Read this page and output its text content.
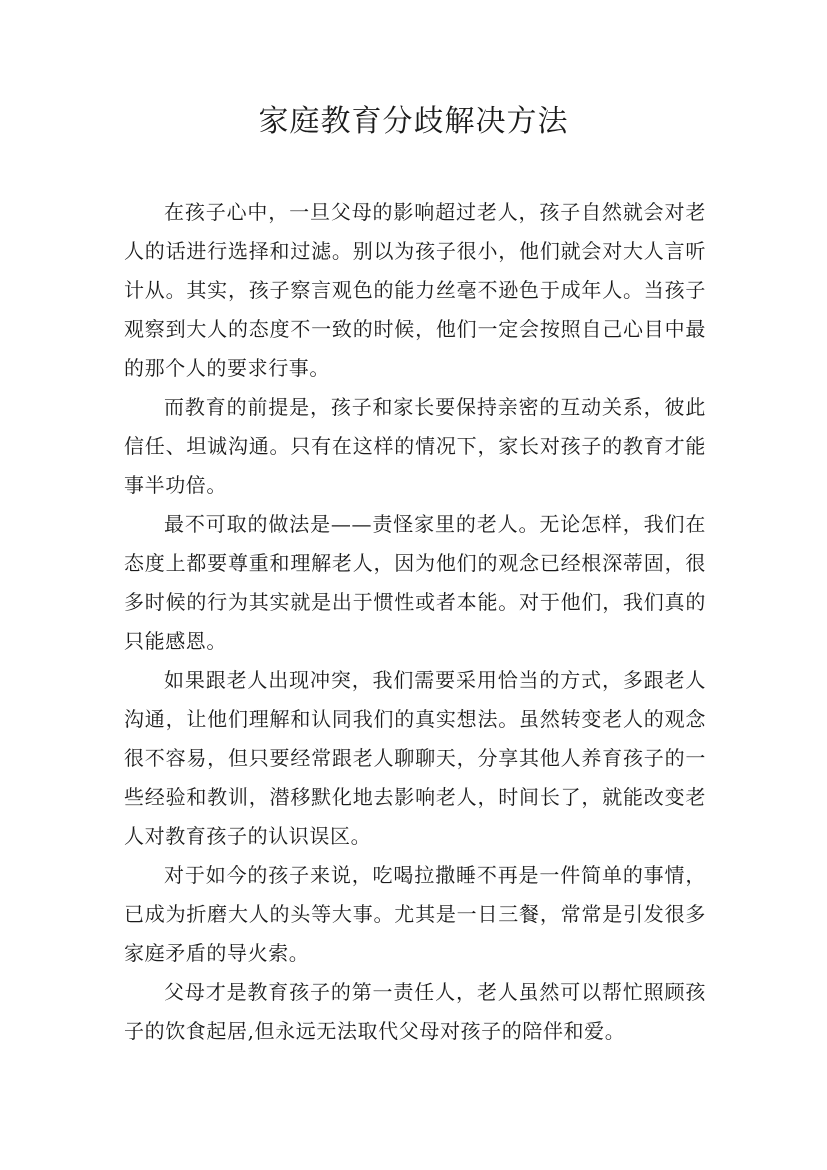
家庭教育分歧解决方法

在孩子心中，一旦父母的影响超过老人，孩子自然就会对老人的话进行选择和过滤。别以为孩子很小，他们就会对大人言听计从。其实，孩子察言观色的能力丝毫不逊色于成年人。当孩子观察到大人的态度不一致的时候，他们一定会按照自己心目中最的那个人的要求行事。

而教育的前提是，孩子和家长要保持亲密的互动关系，彼此信任、坦诚沟通。只有在这样的情况下，家长对孩子的教育才能事半功倍。

最不可取的做法是——责怪家里的老人。无论怎样，我们在态度上都要尊重和理解老人，因为他们的观念已经根深蒂固，很多时候的行为其实就是出于惯性或者本能。对于他们，我们真的只能感恩。

如果跟老人出现冲突，我们需要采用恰当的方式，多跟老人沟通，让他们理解和认同我们的真实想法。虽然转变老人的观念很不容易，但只要经常跟老人聊聊天，分享其他人养育孩子的一些经验和教训，潜移默化地去影响老人，时间长了，就能改变老人对教育孩子的认识误区。

对于如今的孩子来说，吃喝拉撒睡不再是一件简单的事情，已成为折磨大人的头等大事。尤其是一日三餐，常常是引发很多家庭矛盾的导火索。

父母才是教育孩子的第一责任人，老人虽然可以帮忙照顾孩子的饮食起居,但永远无法取代父母对孩子的陪伴和爱。
